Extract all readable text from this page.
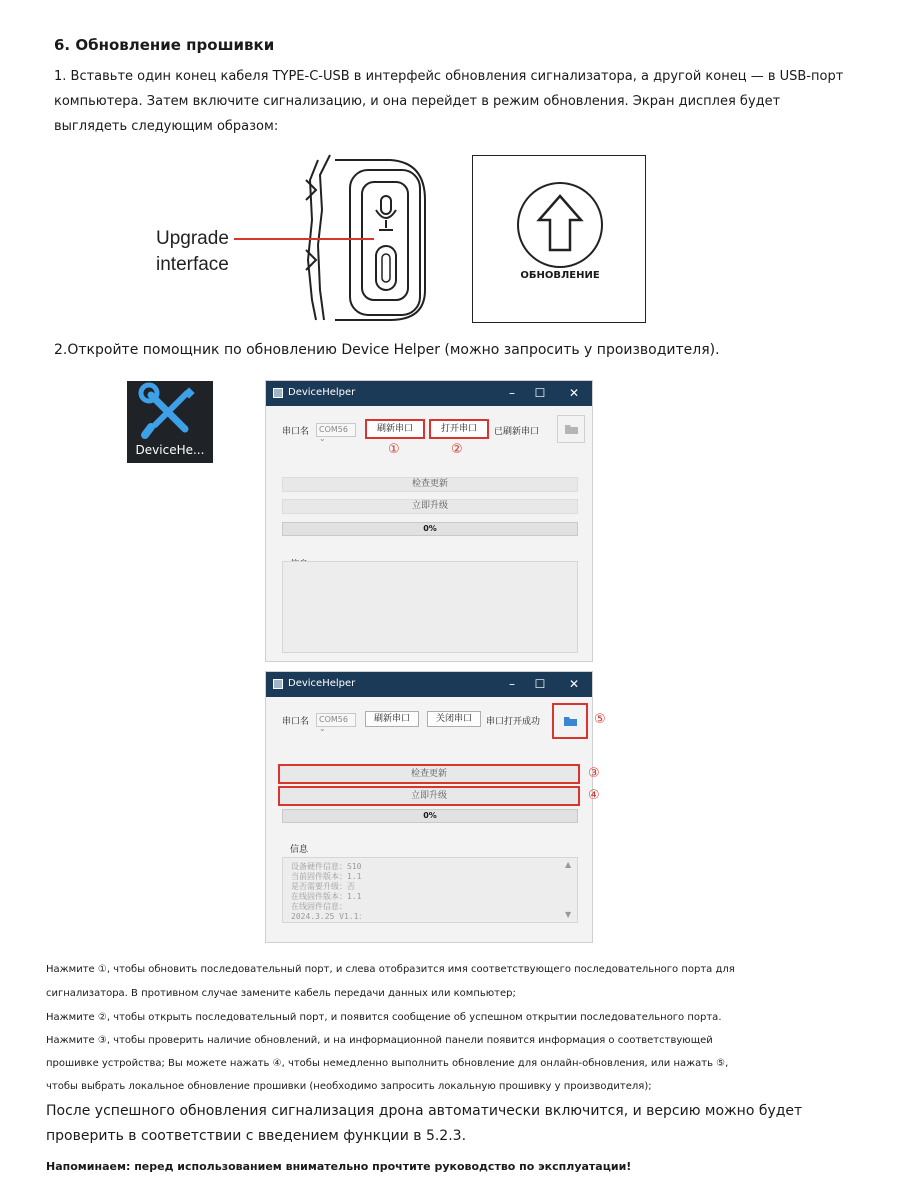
6. Обновление прошивки
1. Вставьте один конец кабеля TYPE-C-USB в интерфейс обновления сигнализатора, а другой конец — в USB-порт компьютера. Затем включите сигнализацию, и она перейдет в режим обновления. Экран дисплея будет выглядеть следующим образом:
Upgrade
interface
ОБНОВЛЕНИЕ
2.Откройте помощник по обновлению Device Helper (можно запросить у производителя).
DeviceHe...
DeviceHelper	–	☐	✕
串口名	COM56 ⌄
刷新串口	打开串口	已刷新串口
①	②
检查更新
立即升级
0%
DeviceHelper	–	☐	✕
串口名	COM56 ⌄
刷新串口	关闭串口	串口打开成功	⑤
检查更新	③
立即升级	④
0%
信息
设备硬件信息：S10
当前固件版本：1.1
是否需要升级：否
在线固件版本：1.1
在线固件信息：
2024.3.25 V1.1：
▲
▼
Нажмите ①, чтобы обновить последовательный порт, и слева отобразится имя соответствующего последовательного порта для
сигнализатора. В противном случае замените кабель передачи данных или компьютер;
Нажмите ②, чтобы открыть последовательный порт, и появится сообщение об успешном открытии последовательного порта.
Нажмите ③, чтобы проверить наличие обновлений, и на информационной панели появится информация о соответствующей
прошивке устройства; Вы можете нажать ④, чтобы немедленно выполнить обновление для онлайн-обновления, или нажать ⑤,
чтобы выбрать локальное обновление прошивки (необходимо запросить локальную прошивку у производителя);
После успешного обновления сигнализация дрона автоматически включится, и версию можно будет проверить в соответствии с введением функции в 5.2.3.
Напоминаем: перед использованием внимательно прочтите руководство по эксплуатации!
